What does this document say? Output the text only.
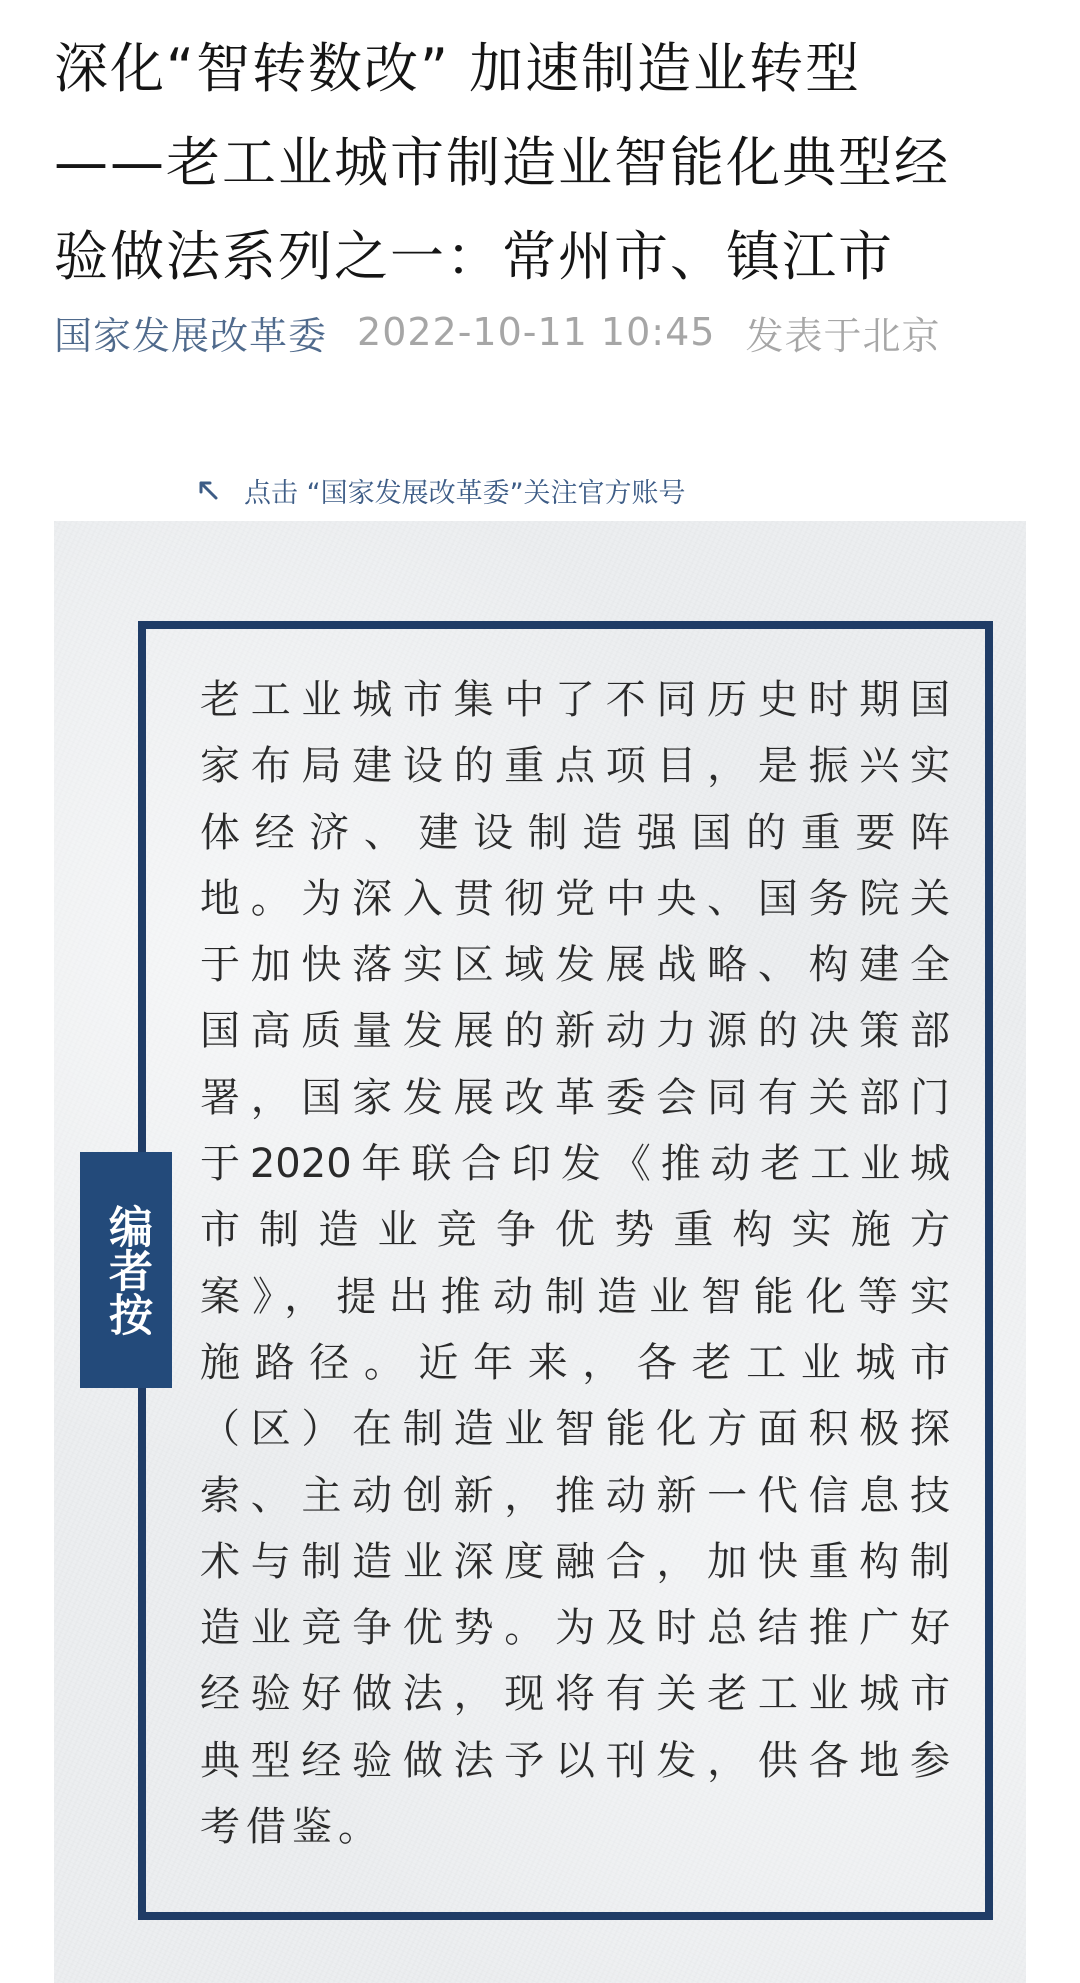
深化“智转数改” 加速制造业转型
——老工业城市制造业智能化典型经
验做法系列之一：常州市、镇江市
国家发展改革委 2022-10-11 10:45 发表于北京
点击 “国家发展改革委”关注官方账号
编者按
老工业城市集中了不同历史时期国
家布局建设的重点项目，是振兴实
体经济、建设制造强国的重要阵
地。为深入贯彻党中央、国务院关
于加快落实区域发展战略、构建全
国高质量发展的新动力源的决策部
署，国家发展改革委会同有关部门
于2020年联合印发《推动老工业城
市制造业竞争优势重构实施方
案》，提出推动制造业智能化等实
施路径。近年来，各老工业城市
（区）在制造业智能化方面积极探
索、主动创新，推动新一代信息技
术与制造业深度融合，加快重构制
造业竞争优势。为及时总结推广好
经验好做法，现将有关老工业城市
典型经验做法予以刊发，供各地参
考借鉴。
